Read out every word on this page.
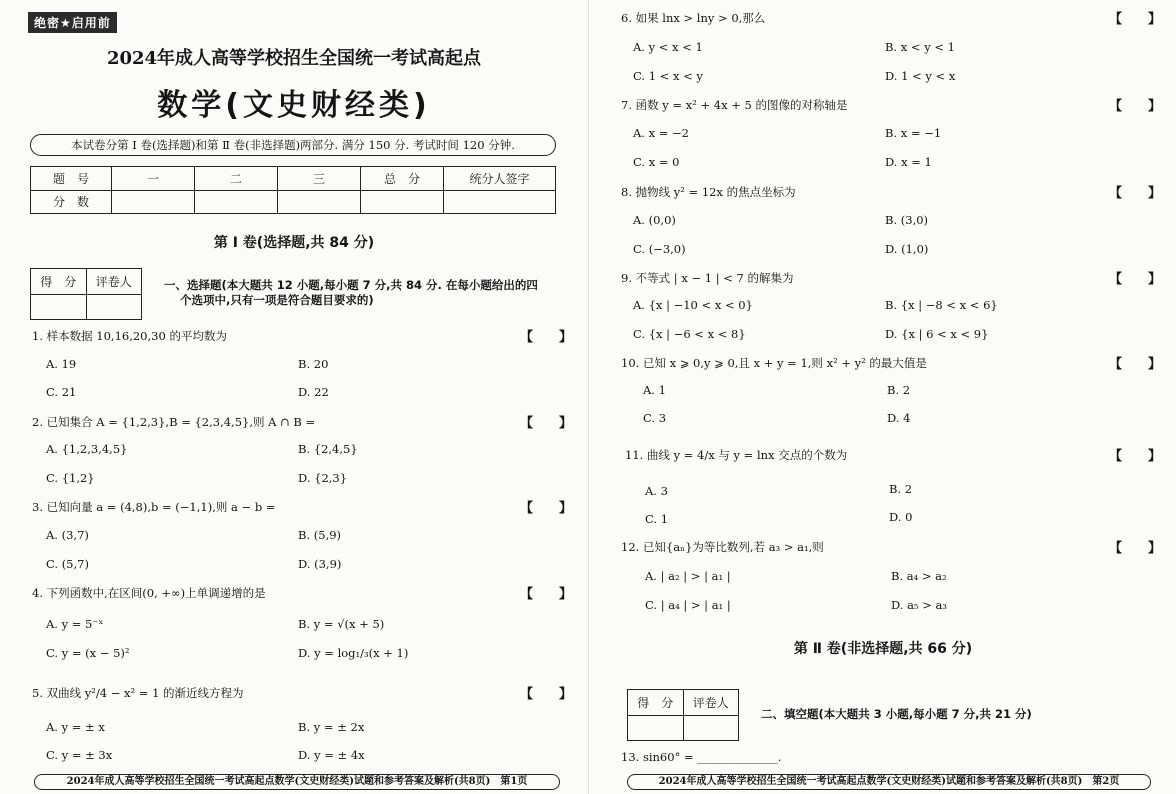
绝密★启用前
2024年成人高等学校招生全国统一考试高起点
数学(文史财经类)
本试卷分第 Ⅰ 卷(选择题)和第 Ⅱ 卷(非选择题)两部分. 满分 150 分. 考试时间 120 分钟.
题　号	一	二	三	总　分	统分人签字
分　数					
第 Ⅰ 卷(选择题,共 84 分)
得　分	评卷人
		一、选择题(本大题共 12 小题,每小题 7 分,共 84 分. 在每小题给出的四
个选项中,只有一项是符合题目要求的)
1. 样本数据 10,16,20,30 的平均数为	【　　】
A. 19	B. 20
C. 21	D. 22
2. 已知集合 A = {1,2,3},B = {2,3,4,5},则 A ∩ B =	【　　】
A. {1,2,3,4,5}	B. {2,4,5}
C. {1,2}	D. {2,3}
3. 已知向量 a = (4,8),b = (−1,1),则 a − b =	【　　】
A. (3,7)	B. (5,9)
C. (5,7)	D. (3,9)
4. 下列函数中,在区间(0, +∞)上单调递增的是	【　　】
A. y = 5⁻ˣ	B. y = √(x + 5)
C. y = (x − 5)²	D. y = log₁/₃(x + 1)
5. 双曲线 y²/4 − x² = 1 的渐近线方程为	【　　】
A. y = ± x	B. y = ± 2x
C. y = ± 3x	D. y = ± 4x
2024年成人高等学校招生全国统一考试高起点数学(文史财经类)试题和参考答案及解析(共8页)　第1页
6. 如果 lnx > lny > 0,那么	【　　】
A. y < x < 1	B. x < y < 1
C. 1 < x < y	D. 1 < y < x
7. 函数 y = x² + 4x + 5 的图像的对称轴是	【　　】
A. x = −2	B. x = −1
C. x = 0	D. x = 1
8. 抛物线 y² = 12x 的焦点坐标为	【　　】
A. (0,0)	B. (3,0)
C. (−3,0)	D. (1,0)
9. 不等式 | x − 1 | < 7 的解集为	【　　】
A. {x | −10 < x < 0}	B. {x | −8 < x < 6}
C. {x | −6 < x < 8}	D. {x | 6 < x < 9}
10. 已知 x ⩾ 0,y ⩾ 0,且 x + y = 1,则 x² + y² 的最大值是	【　　】
A. 1	B. 2
C. 3	D. 4
11. 曲线 y = 4/x 与 y = lnx 交点的个数为	【　　】
A. 3	B. 2
C. 1	D. 0
12. 已知{aₙ}为等比数列,若 a₃ > a₁,则	【　　】
A. | a₂ | > | a₁ |	B. a₄ > a₂
C. | a₄ | > | a₁ |	D. a₅ > a₃
第 Ⅱ 卷(非选择题,共 66 分)
得　分	评卷人

二、填空题(本大题共 3 小题,每小题 7 分,共 21 分)
13. sin60° = ______________.
2024年成人高等学校招生全国统一考试高起点数学(文史财经类)试题和参考答案及解析(共8页)　第2页
